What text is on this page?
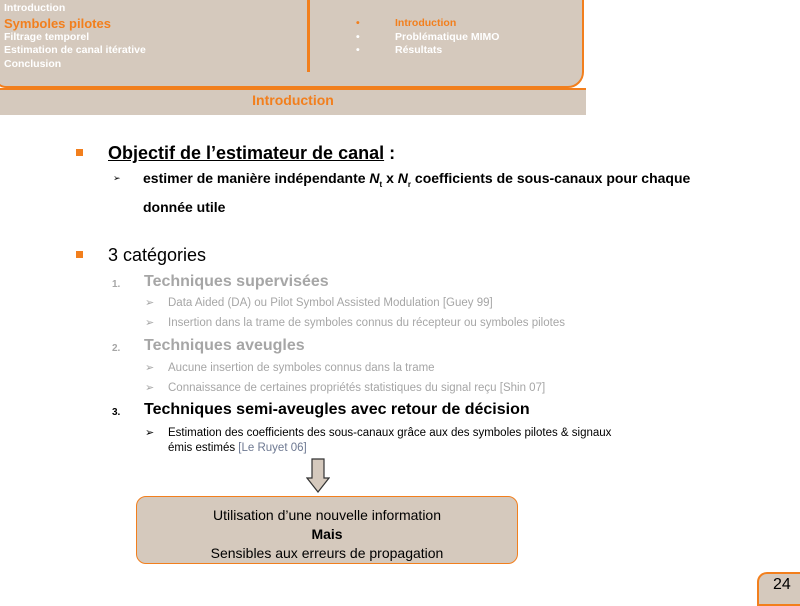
Introduction
Symboles pilotes
Filtrage temporel
Estimation de canal itérative
Conclusion
•	Introduction
•	Problématique MIMO
•	Résultats
Introduction
Objectif de l’estimateur de canal :
➢ estimer de manière indépendante $N_t$ x $N_r$ coefficients de sous-canaux pour chaque donnée utile
3 catégories
1. Techniques supervisées
➢ Data Aided (DA) ou Pilot Symbol Assisted Modulation [Guey 99]
➢ Insertion dans la trame de symboles connus du récepteur ou symboles pilotes
2. Techniques aveugles
➢ Aucune insertion de symboles connus dans la trame
➢ Connaissance de certaines propriétés statistiques du signal reçu [Shin 07]
3. Techniques semi-aveugles avec retour de décision
➢ Estimation des coefficients des sous-canaux grâce aux des symboles pilotes & signaux
émis estimés [Le Ruyet 06]
Utilisation d’une nouvelle information
Mais
Sensibles aux erreurs de propagation
24
